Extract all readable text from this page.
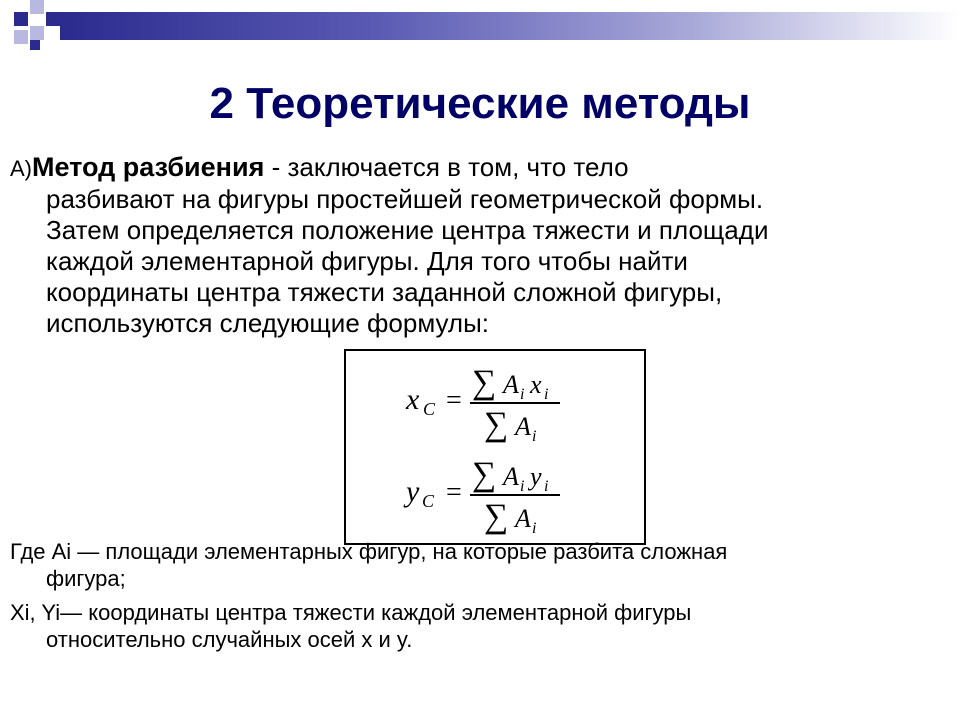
2 Теоретические методы
А)Метод разбиения - заключается в том, что тело
разбивают на фигуры простейшей геометрической формы.
Затем определяется положение центра тяжести и площади
каждой элементарной фигуры. Для того чтобы найти
координаты центра тяжести заданной сложной фигуры,
используются следующие формулы:
x C = ∑ A i x i
∑ A i
y C = ∑ A i y i
∑ A i
Где Ai — площади элементарных фигур, на которые разбита сложная
фигура;
Xi, Yi— координаты центра тяжести каждой элементарной фигуры
относительно случайных осей x и y.
